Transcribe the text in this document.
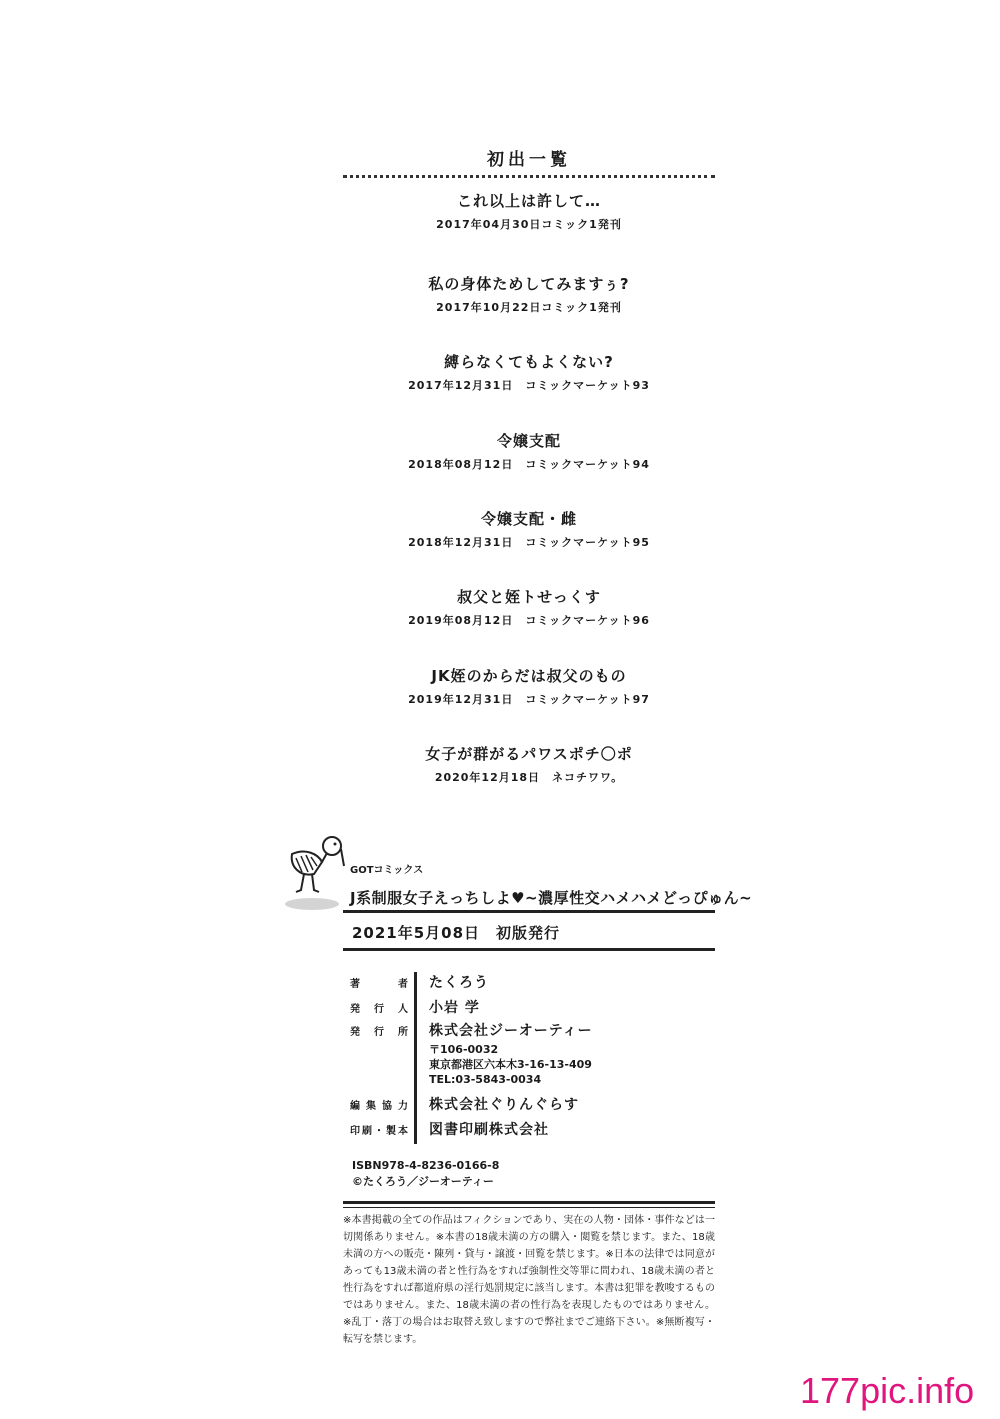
初出一覧
これ以上は許して…
2017年04月30日コミック1発刊
私の身体ためしてみますぅ?
2017年10月22日コミック1発刊
縛らなくてもよくない?
2017年12月31日　コミックマーケット93
令嬢支配
2018年08月12日　コミックマーケット94
令嬢支配・雌
2018年12月31日　コミックマーケット95
叔父と姪トせっくす
2019年08月12日　コミックマーケット96
JK姪のからだは叔父のもの
2019年12月31日　コミックマーケット97
女子が群がるパワスポチ〇ポ
2020年12月18日　ネコチワワ。
GOTコミックス
J系制服女子えっちしよ♥~濃厚性交ハメハメどっぴゅん~
2021年5月08日　初版発行
著者 たくろう
発行人 小岩 学
発行所 株式会社ジーオーティー
〒106-0032
東京都港区六本木3-16-13-409
TEL:03-5843-0034
編集協力 株式会社ぐりんぐらす
印刷・製本 図書印刷株式会社
ISBN978-4-8236-0166-8
©たくろう／ジーオーティー
※本書掲載の全ての作品はフィクションであり、実在の人物・団体・事件などは一切関係ありません。※本書の18歳未満の方の購入・閲覧を禁じます。また、18歳未満の方への販売・陳列・貸与・譲渡・回覧を禁じます。※日本の法律では同意があっても13歳未満の者と性行為をすれば強制性交等罪に問われ、18歳未満の者と性行為をすれば都道府県の淫行処罰規定に該当します。本書は犯罪を教唆するものではありません。また、18歳未満の者の性行為を表現したものではありません。※乱丁・落丁の場合はお取替え致しますので弊社までご連絡下さい。※無断複写・転写を禁じます。
177pic.info
